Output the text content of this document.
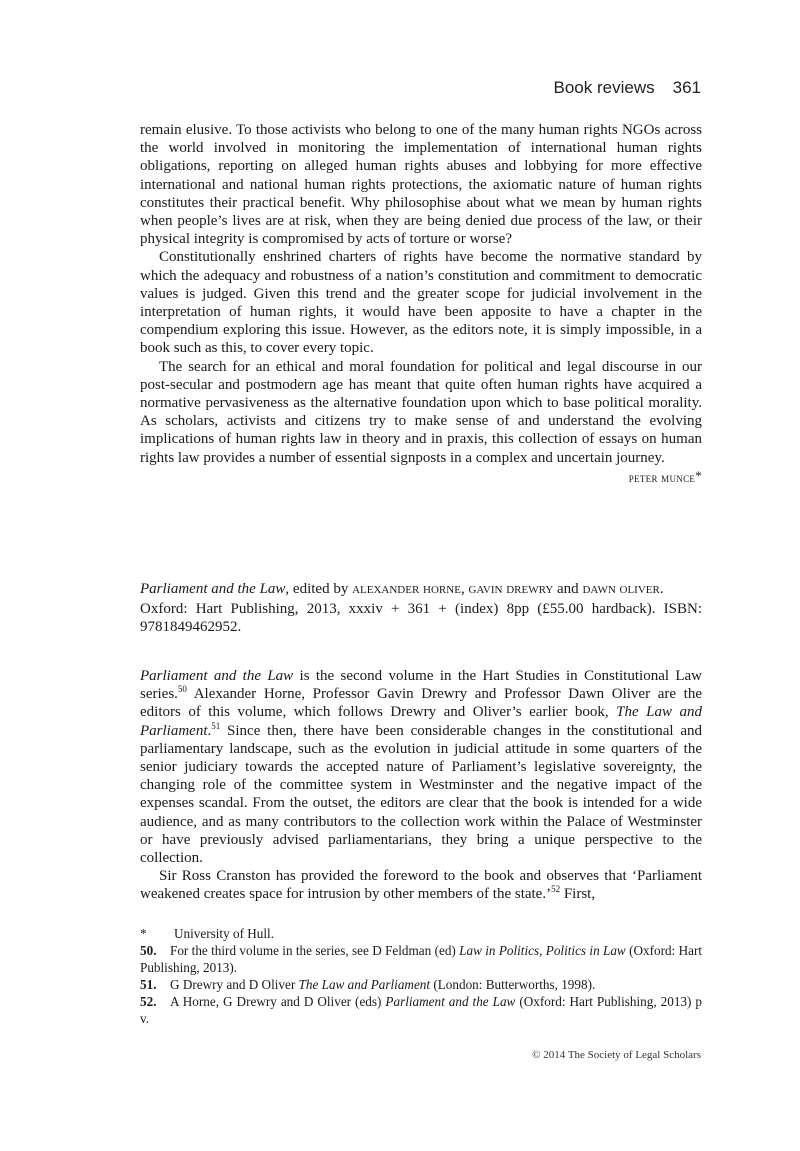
Book reviews 361

remain elusive. To those activists who belong to one of the many human rights NGOs across the world involved in monitoring the implementation of international human rights obligations, reporting on alleged human rights abuses and lobbying for more effective international and national human rights protections, the axiomatic nature of human rights constitutes their practical benefit. Why philosophise about what we mean by human rights when people’s lives are at risk, when they are being denied due process of the law, or their physical integrity is compromised by acts of torture or worse?

Constitutionally enshrined charters of rights have become the normative standard by which the adequacy and robustness of a nation’s constitution and commitment to democratic values is judged. Given this trend and the greater scope for judicial involvement in the interpretation of human rights, it would have been apposite to have a chapter in the compendium exploring this issue. However, as the editors note, it is simply impossible, in a book such as this, to cover every topic.

The search for an ethical and moral foundation for political and legal discourse in our post-secular and postmodern age has meant that quite often human rights have acquired a normative pervasiveness as the alternative foundation upon which to base political morality. As scholars, activists and citizens try to make sense of and understand the evolving implications of human rights law in theory and in praxis, this collection of essays on human rights law provides a number of essential signposts in a complex and uncertain journey.

peter munce*

Parliament and the Law, edited by alexander horne, gavin drewry and dawn oliver.

Oxford: Hart Publishing, 2013, xxxiv + 361 + (index) 8pp (£55.00 hardback). ISBN: 9781849462952.

Parliament and the Law is the second volume in the Hart Studies in Constitutional Law series.$^{50}$ Alexander Horne, Professor Gavin Drewry and Professor Dawn Oliver are the editors of this volume, which follows Drewry and Oliver’s earlier book, The Law and Parliament.$^{51}$ Since then, there have been considerable changes in the constitutional and parliamentary landscape, such as the evolution in judicial attitude in some quarters of the senior judiciary towards the accepted nature of Parliament’s legislative sovereignty, the changing role of the committee system in Westminster and the negative impact of the expenses scandal. From the outset, the editors are clear that the book is intended for a wide audience, and as many contributors to the collection work within the Palace of Westminster or have previously advised parliamentarians, they bring a unique perspective to the collection.

Sir Ross Cranston has provided the foreword to the book and observes that ‘Parliament weakened creates space for intrusion by other members of the state.’$^{52}$ First,

* University of Hull.

50. For the third volume in the series, see D Feldman (ed) Law in Politics, Politics in Law (Oxford: Hart Publishing, 2013).

51. G Drewry and D Oliver The Law and Parliament (London: Butterworths, 1998).

52. A Horne, G Drewry and D Oliver (eds) Parliament and the Law (Oxford: Hart Publishing, 2013) p v.

© 2014 The Society of Legal Scholars
